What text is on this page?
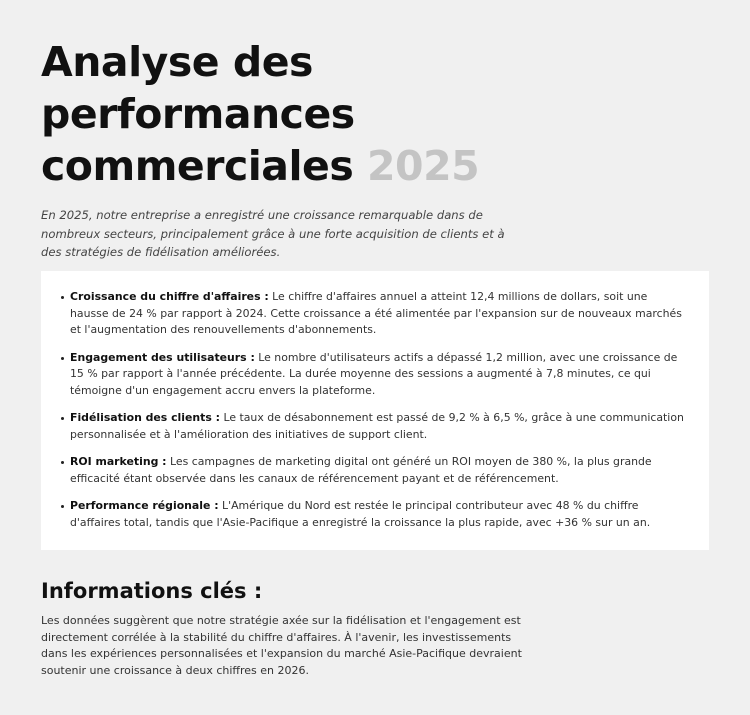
Analyse des performances commerciales 2025

En 2025, notre entreprise a enregistré une croissance remarquable dans de nombreux secteurs, principalement grâce à une forte acquisition de clients et à des stratégies de fidélisation améliorées.

Croissance du chiffre d'affaires : Le chiffre d'affaires annuel a atteint 12,4 millions de dollars, soit une hausse de 24 % par rapport à 2024. Cette croissance a été alimentée par l'expansion sur de nouveaux marchés et l'augmentation des renouvellements d'abonnements.
Engagement des utilisateurs : Le nombre d'utilisateurs actifs a dépassé 1,2 million, avec une croissance de 15 % par rapport à l'année précédente. La durée moyenne des sessions a augmenté à 7,8 minutes, ce qui témoigne d'un engagement accru envers la plateforme.
Fidélisation des clients : Le taux de désabonnement est passé de 9,2 % à 6,5 %, grâce à une communication personnalisée et à l'amélioration des initiatives de support client.
ROI marketing : Les campagnes de marketing digital ont généré un ROI moyen de 380 %, la plus grande efficacité étant observée dans les canaux de référencement payant et de référencement.
Performance régionale : L'Amérique du Nord est restée le principal contributeur avec 48 % du chiffre d'affaires total, tandis que l'Asie-Pacifique a enregistré la croissance la plus rapide, avec +36 % sur un an.
Informations clés :

Les données suggèrent que notre stratégie axée sur la fidélisation et l'engagement est directement corrélée à la stabilité du chiffre d'affaires. À l'avenir, les investissements dans les expériences personnalisées et l'expansion du marché Asie-Pacifique devraient soutenir une croissance à deux chiffres en 2026.
